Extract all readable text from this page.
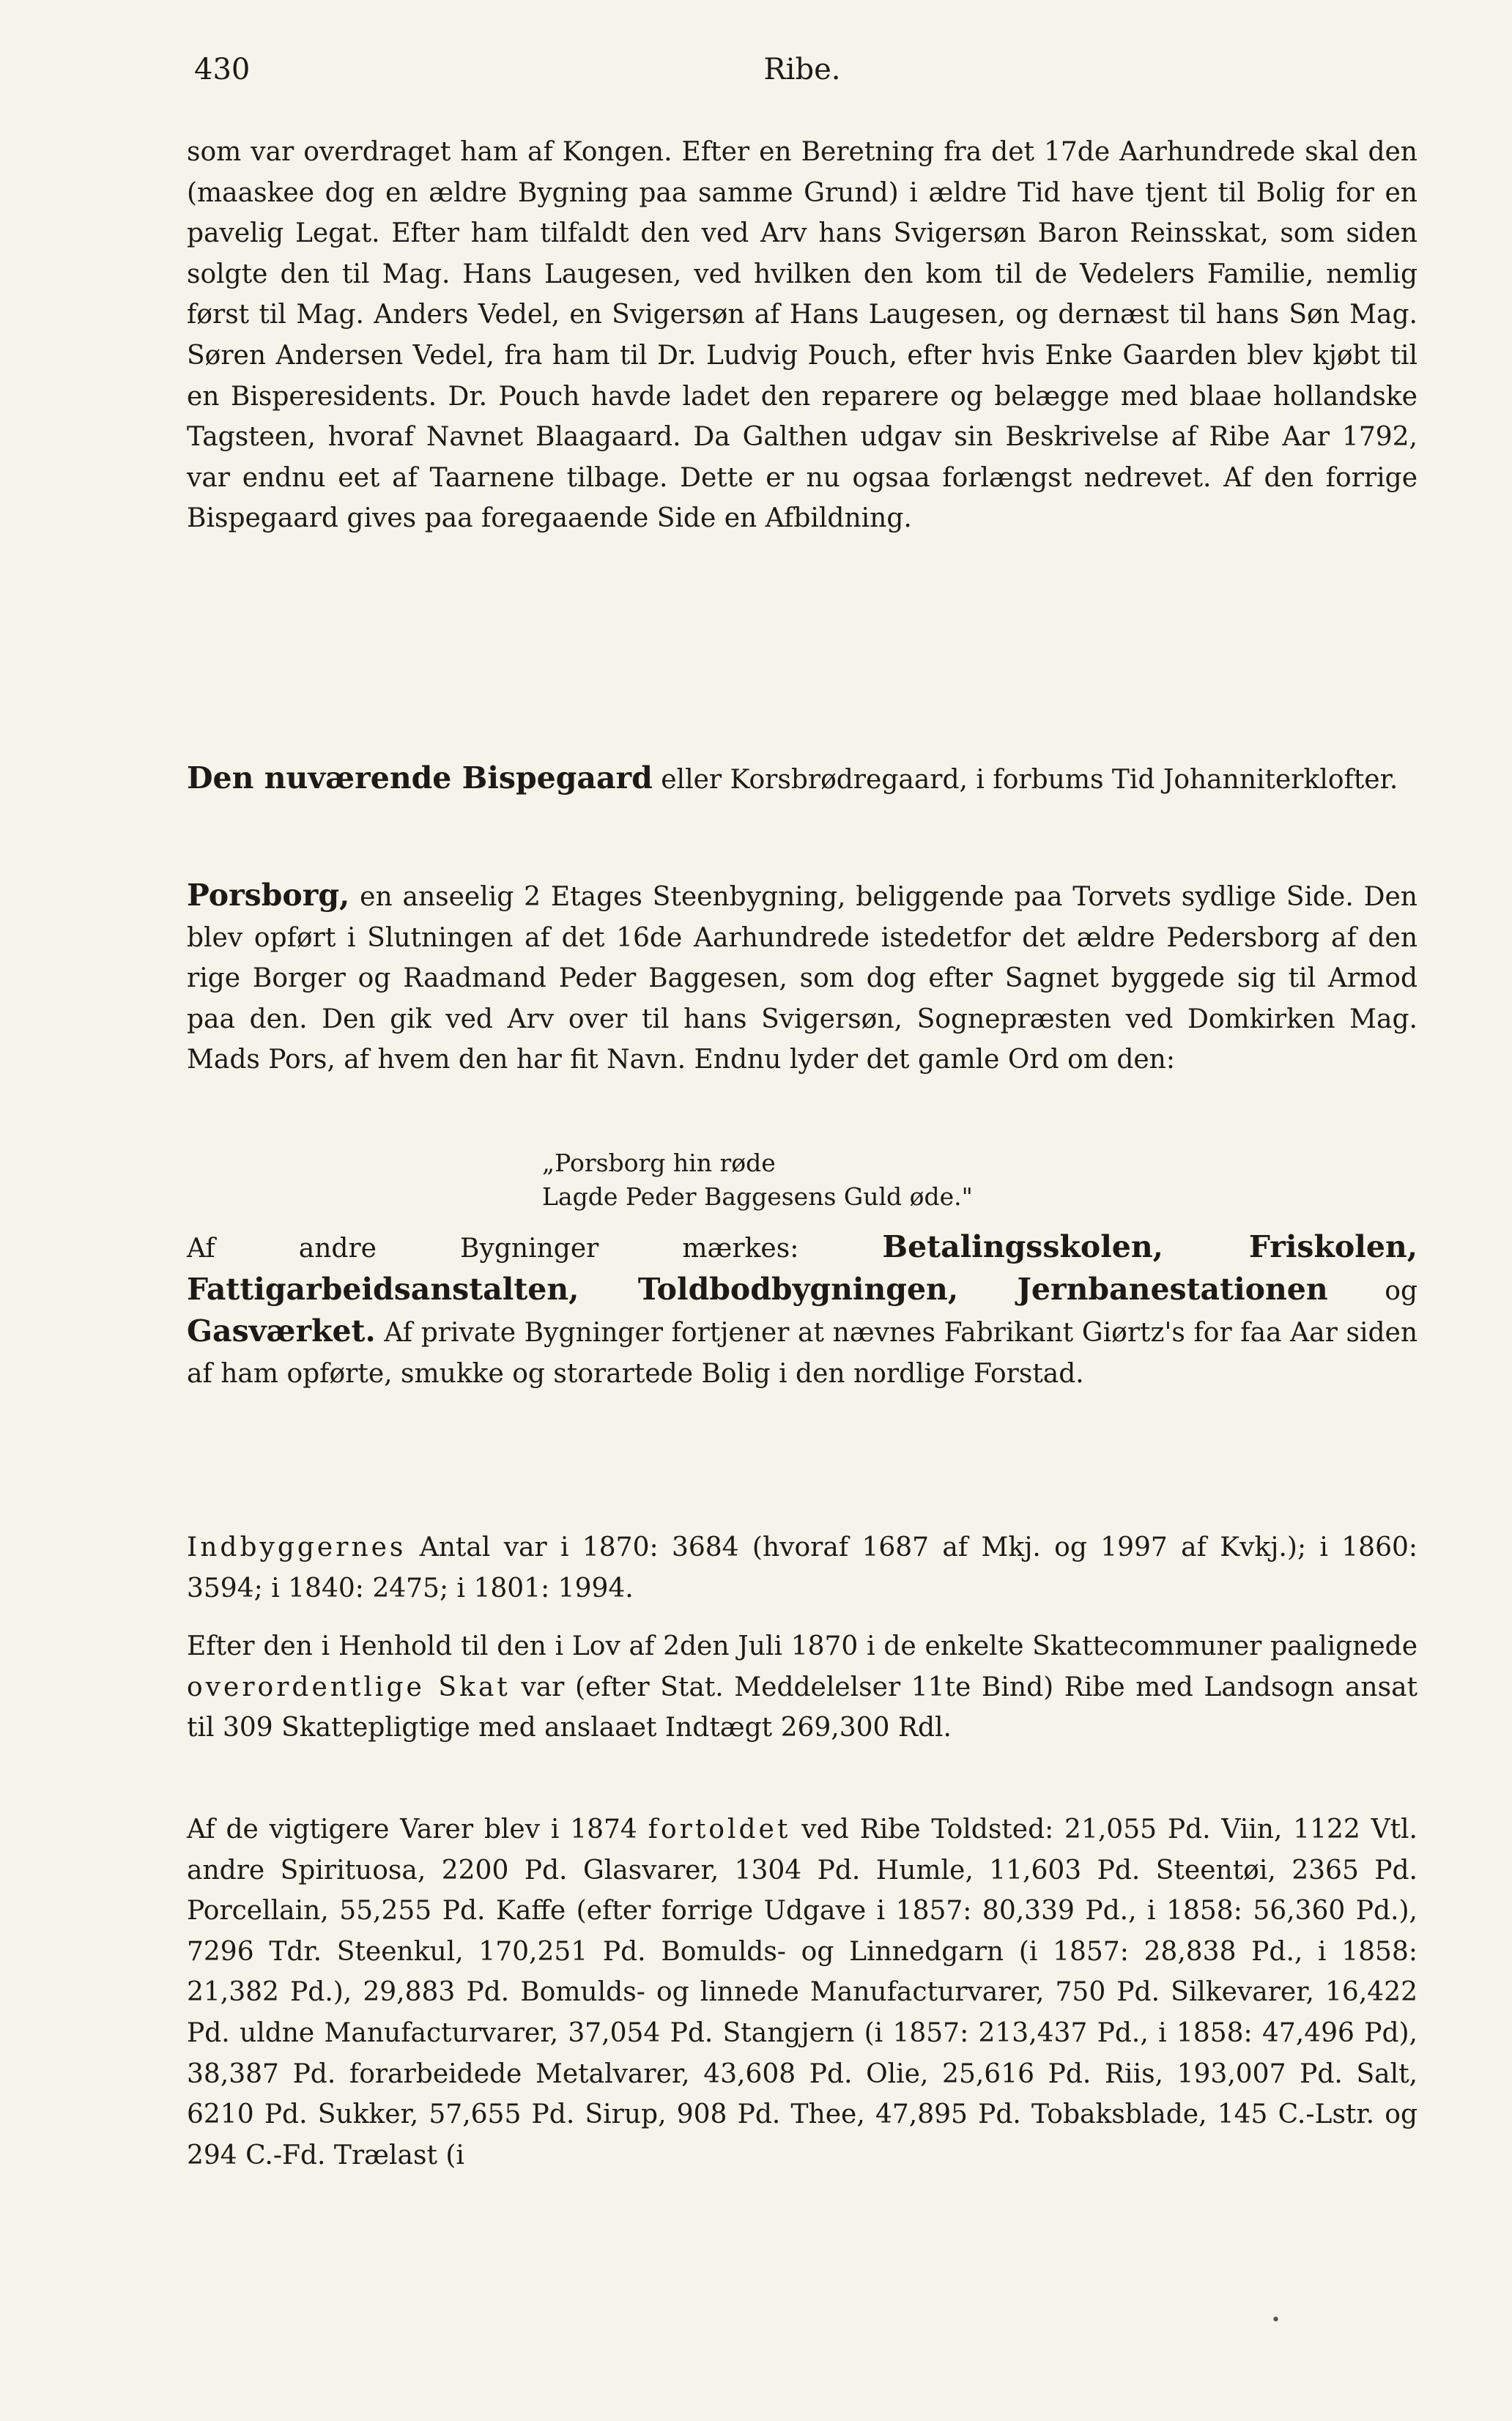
430	Ribe.

som var overdraget ham af Kongen. Efter en Beretning fra det 17de Aarhundrede skal den (maaskee dog en ældre Bygning paa samme Grund) i ældre Tid have tjent til Bolig for en pavelig Legat. Efter ham tilfaldt den ved Arv hans Svigersøn Baron Reinsskat, som siden solgte den til Mag. Hans Laugesen, ved hvilken den kom til de Vedelers Familie, nemlig først til Mag. Anders Vedel, en Svigersøn af Hans Laugesen, og dernæst til hans Søn Mag. Søren Andersen Vedel, fra ham til Dr. Ludvig Pouch, efter hvis Enke Gaarden blev kjøbt til en Bisperesidents. Dr. Pouch havde ladet den reparere og belægge med blaae hollandske Tagsteen, hvoraf Navnet Blaagaard. Da Galthen udgav sin Beskrivelse af Ribe Aar 1792, var endnu eet af Taarnene tilbage. Dette er nu ogsaa forlængst nedrevet. Af den forrige Bispegaard gives paa foregaaende Side en Afbildning.

Den nuværende Bispegaard eller Korsbrødregaard, i forbums Tid Johanniterklofter.

Porsborg, en anseelig 2 Etages Steenbygning, beliggende paa Torvets sydlige Side. Den blev opført i Slutningen af det 16de Aarhundrede istedetfor det ældre Pedersborg af den rige Borger og Raadmand Peder Baggesen, som dog efter Sagnet byggede sig til Armod paa den. Den gik ved Arv over til hans Svigersøn, Sognepræsten ved Domkirken Mag. Mads Pors, af hvem den har fit Navn. Endnu lyder det gamle Ord om den:

„Porsborg hin røde
Lagde Peder Baggesens Guld øde."

Af andre Bygninger mærkes: Betalingsskolen, Friskolen, Fattigarbeidsanstalten, Toldbodbygningen, Jernbanestationen og Gasværket. Af private Bygninger fortjener at nævnes Fabrikant Giørtz's for faa Aar siden af ham opførte, smukke og storartede Bolig i den nordlige Forstad.

Indbyggernes Antal var i 1870: 3684 (hvoraf 1687 af Mkj. og 1997 af Kvkj.); i 1860: 3594; i 1840: 2475; i 1801: 1994.

Efter den i Henhold til den i Lov af 2den Juli 1870 i de enkelte Skattecommuner paalignede overordentlige Skat var (efter Stat. Meddelelser 11te Bind) Ribe med Landsogn ansat til 309 Skattepligtige med anslaaet Indtægt 269,300 Rdl.

Af de vigtigere Varer blev i 1874 fortoldet ved Ribe Toldsted: 21,055 Pd. Viin, 1122 Vtl. andre Spirituosa, 2200 Pd. Glasvarer, 1304 Pd. Humle, 11,603 Pd. Steentøi, 2365 Pd. Porcellain, 55,255 Pd. Kaffe (efter forrige Udgave i 1857: 80,339 Pd., i 1858: 56,360 Pd.), 7296 Tdr. Steenkul, 170,251 Pd. Bomulds- og Linnedgarn (i 1857: 28,838 Pd., i 1858: 21,382 Pd.), 29,883 Pd. Bomulds- og linnede Manufacturvarer, 750 Pd. Silkevarer, 16,422 Pd. uldne Manufacturvarer, 37,054 Pd. Stangjern (i 1857: 213,437 Pd., i 1858: 47,496 Pd), 38,387 Pd. forarbeidede Metalvarer, 43,608 Pd. Olie, 25,616 Pd. Riis, 193,007 Pd. Salt, 6210 Pd. Sukker, 57,655 Pd. Sirup, 908 Pd. Thee, 47,895 Pd. Tobaksblade, 145 C.-Lstr. og 294 C.-Fd. Trælast (i

•
